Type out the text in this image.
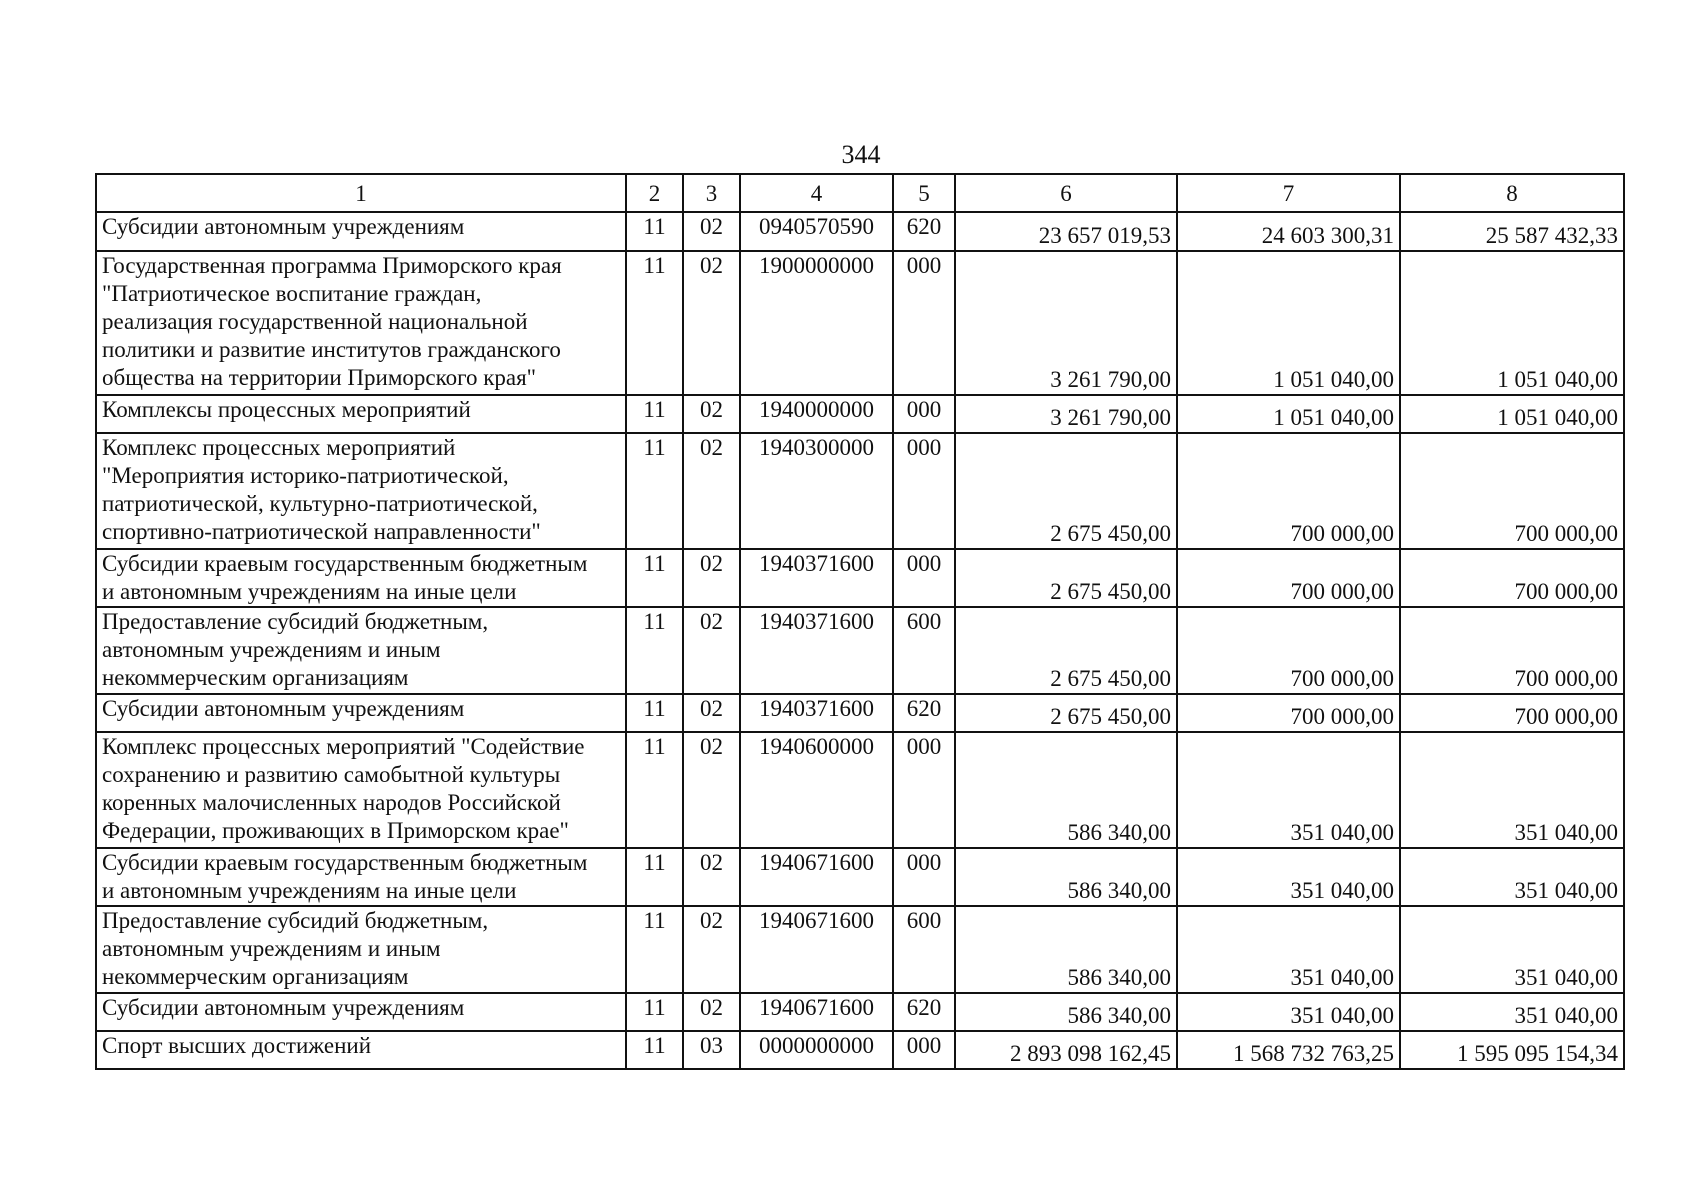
344
1	2	3	4	5	6	7	8
Субсидии автономным учреждениям	11	02	0940570590	620	23 657 019,53	24 603 300,31	25 587 432,33
Государственная программа Приморского края
"Патриотическое воспитание граждан,
реализация государственной национальной
политики и развитие институтов гражданского
общества на территории Приморского края"	11	02	1900000000	000	3 261 790,00	1 051 040,00	1 051 040,00
Комплексы процессных мероприятий	11	02	1940000000	000	3 261 790,00	1 051 040,00	1 051 040,00
Комплекс процессных мероприятий
"Мероприятия историко-патриотической,
патриотической, культурно-патриотической,
спортивно-патриотической направленности"	11	02	1940300000	000	2 675 450,00	700 000,00	700 000,00
Субсидии краевым государственным бюджетным
и автономным учреждениям на иные цели	11	02	1940371600	000	2 675 450,00	700 000,00	700 000,00
Предоставление субсидий бюджетным,
автономным учреждениям и иным
некоммерческим организациям	11	02	1940371600	600	2 675 450,00	700 000,00	700 000,00
Субсидии автономным учреждениям	11	02	1940371600	620	2 675 450,00	700 000,00	700 000,00
Комплекс процессных мероприятий "Содействие
сохранению и развитию самобытной культуры
коренных малочисленных народов Российской
Федерации, проживающих в Приморском крае"	11	02	1940600000	000	586 340,00	351 040,00	351 040,00
Субсидии краевым государственным бюджетным
и автономным учреждениям на иные цели	11	02	1940671600	000	586 340,00	351 040,00	351 040,00
Предоставление субсидий бюджетным,
автономным учреждениям и иным
некоммерческим организациям	11	02	1940671600	600	586 340,00	351 040,00	351 040,00
Субсидии автономным учреждениям	11	02	1940671600	620	586 340,00	351 040,00	351 040,00
Спорт высших достижений	11	03	0000000000	000	2 893 098 162,45	1 568 732 763,25	1 595 095 154,34
